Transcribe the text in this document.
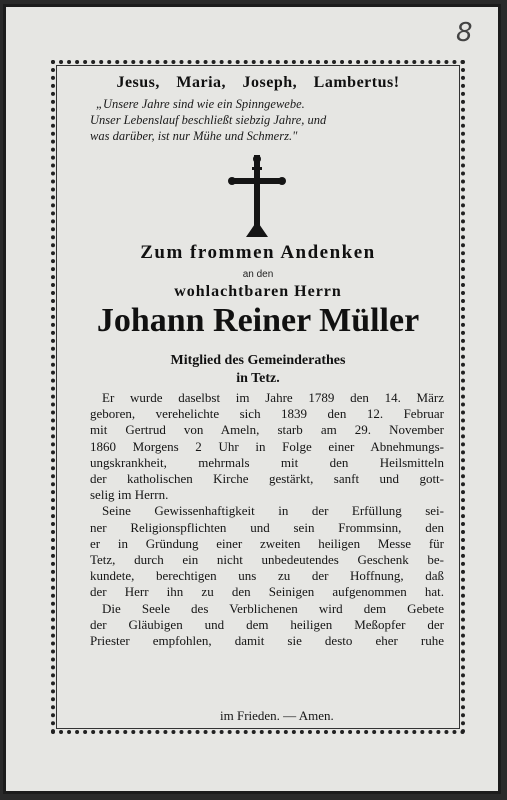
8
Jesus, Maria, Joseph, Lambertus!
„Unsere Jahre sind wie ein Spinngewebe.
Unser Lebenslauf beschließt siebzig Jahre, und
was darüber, ist nur Mühe und Schmerz."
Zum frommen Andenken
an den
wohlachtbaren Herrn
Johann Reiner Müller
Mitglied des Gemeinderathes
in Tetz.
Er wurde daselbst im Jahre 1789 den 14. März
geboren, verehelichte sich 1839 den 12. Februar
mit Gertrud von Ameln, starb am 29. November
1860 Morgens 2 Uhr in Folge einer Abnehmungs-
ungskrankheit, mehrmals mit den Heilsmitteln
der katholischen Kirche gestärkt, sanft und gott-
selig im Herrn.
Seine Gewissenhaftigkeit in der Erfüllung sei-
ner Religionspflichten und sein Frommsinn, den
er in Gründung einer zweiten heiligen Messe für
Tetz, durch ein nicht unbedeutendes Geschenk be-
kundete, berechtigen uns zu der Hoffnung, daß
der Herr ihn zu den Seinigen aufgenommen hat.
Die Seele des Verblichenen wird dem Gebete
der Gläubigen und dem heiligen Meßopfer der
Priester empfohlen, damit sie desto eher ruhe
im Frieden. — Amen.
